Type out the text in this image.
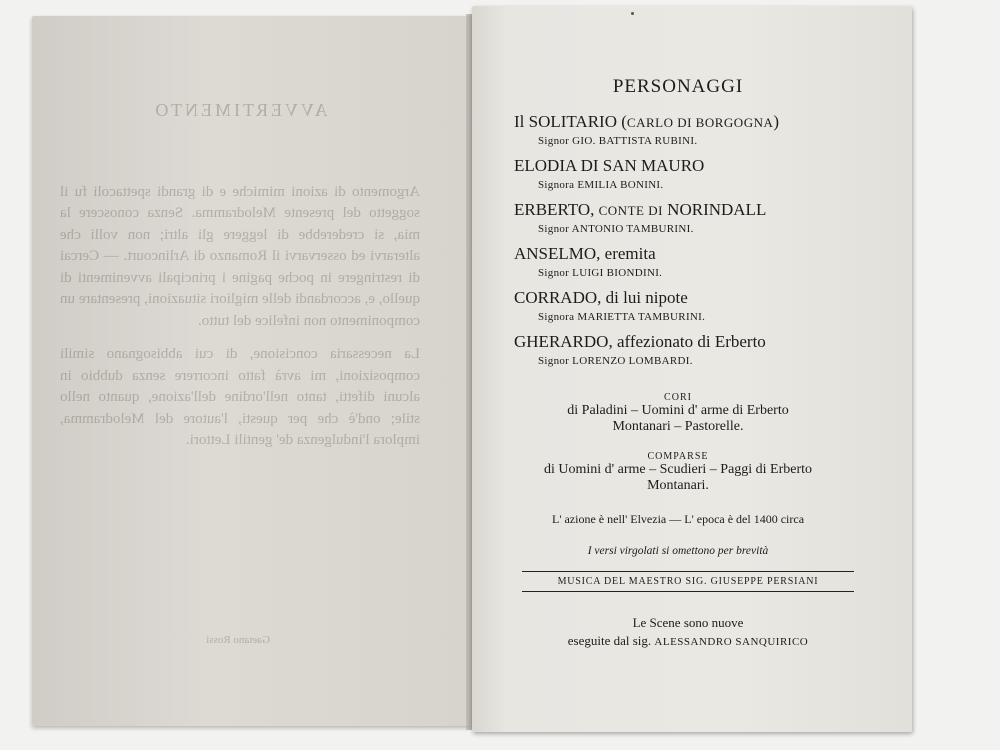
AVVERTIMENTO

Argomento di azioni mimiche e di grandi spettacoli fu il soggetto del presente Melodramma. Senza conoscere la mia, si crederebbe di leggere gli altri; non volli che alterarvi ed osservarvi il Romanzo di Arlincourt. — Cercai di restringere in poche pagine i principali avvenimenti di quello, e, accordandi delle migliori situazioni, presentare un componimento non infelice del tutto.

La necessaria concisione, di cui abbisognano simili composizioni, mi avrà fatto incorrere senza dubbio in alcuni difetti, tanto nell'ordine dell'azione, quanto nello stile; ond'è che per questi, l'autore del Melodramma, implora l'indulgenza de' gentili Lettori.

Gaetano Rossi
PERSONAGGI
Il SOLITARIO (CARLO DI BORGOGNA)
Signor GIO. BATTISTA RUBINI.
ELODIA DI SAN MAURO
Signora EMILIA BONINI.
ERBERTO, CONTE DI NORINDALL
Signor ANTONIO TAMBURINI.
ANSELMO, eremita
Signor LUIGI BIONDINI.
CORRADO, di lui nipote
Signora MARIETTA TAMBURINI.
GHERARDO, affezionato di Erberto
Signor LORENZO LOMBARDI.
CORI
di Paladini – Uomini d' arme di Erberto
Montanari – Pastorelle.
COMPARSE
di Uomini d' arme – Scudieri – Paggi di Erberto
Montanari.
L' azione è nell' Elvezia — L' epoca è del 1400 circa
I versi virgolati si omettono per brevità
MUSICA DEL MAESTRO SIG. GIUSEPPE PERSIANI
Le Scene sono nuove
eseguite dal sig. ALESSANDRO SANQUIRICO
